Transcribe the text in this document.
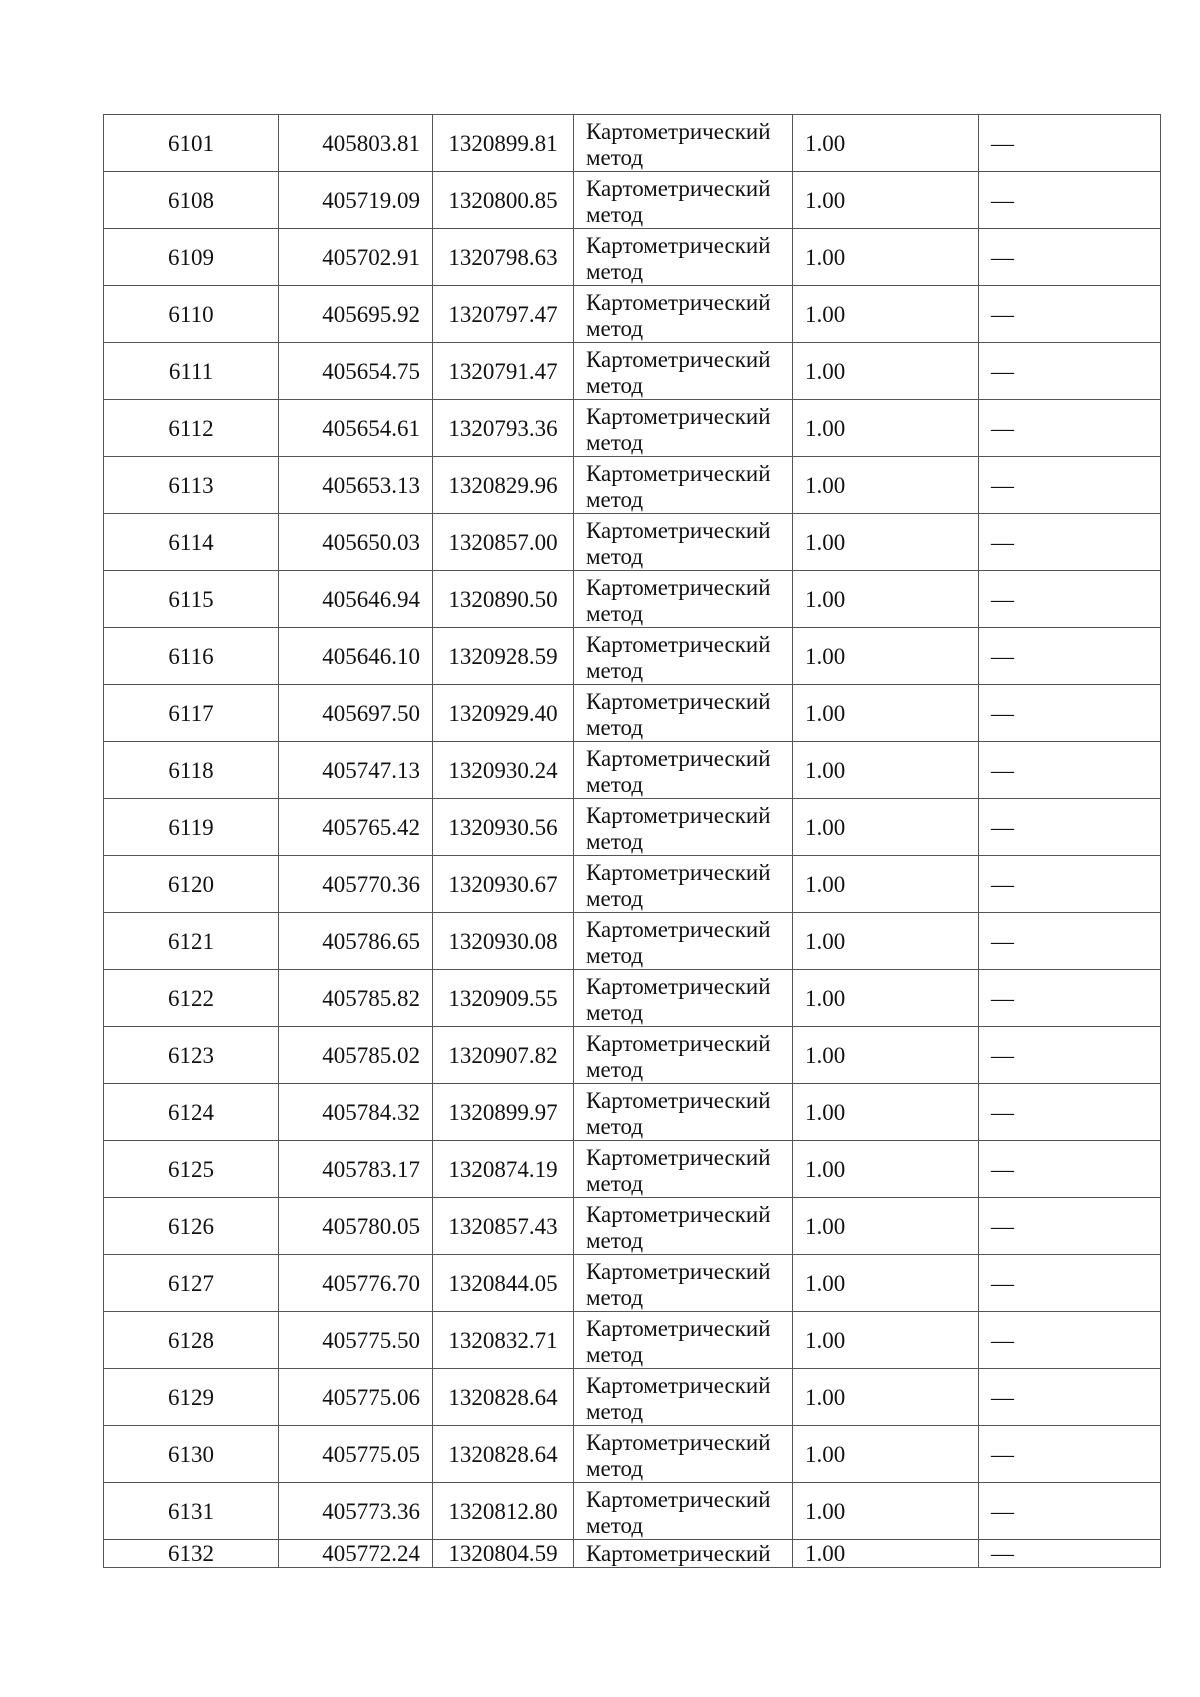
6101	405803.81	1320899.81	Картометрический
метод	1.00	—
6108	405719.09	1320800.85	Картометрический
метод	1.00	—
6109	405702.91	1320798.63	Картометрический
метод	1.00	—
6110	405695.92	1320797.47	Картометрический
метод	1.00	—
6111	405654.75	1320791.47	Картометрический
метод	1.00	—
6112	405654.61	1320793.36	Картометрический
метод	1.00	—
6113	405653.13	1320829.96	Картометрический
метод	1.00	—
6114	405650.03	1320857.00	Картометрический
метод	1.00	—
6115	405646.94	1320890.50	Картометрический
метод	1.00	—
6116	405646.10	1320928.59	Картометрический
метод	1.00	—
6117	405697.50	1320929.40	Картометрический
метод	1.00	—
6118	405747.13	1320930.24	Картометрический
метод	1.00	—
6119	405765.42	1320930.56	Картометрический
метод	1.00	—
6120	405770.36	1320930.67	Картометрический
метод	1.00	—
6121	405786.65	1320930.08	Картометрический
метод	1.00	—
6122	405785.82	1320909.55	Картометрический
метод	1.00	—
6123	405785.02	1320907.82	Картометрический
метод	1.00	—
6124	405784.32	1320899.97	Картометрический
метод	1.00	—
6125	405783.17	1320874.19	Картометрический
метод	1.00	—
6126	405780.05	1320857.43	Картометрический
метод	1.00	—
6127	405776.70	1320844.05	Картометрический
метод	1.00	—
6128	405775.50	1320832.71	Картометрический
метод	1.00	—
6129	405775.06	1320828.64	Картометрический
метод	1.00	—
6130	405775.05	1320828.64	Картометрический
метод	1.00	—
6131	405773.36	1320812.80	Картометрический
метод	1.00	—
6132	405772.24	1320804.59	Картометрический	1.00	—
